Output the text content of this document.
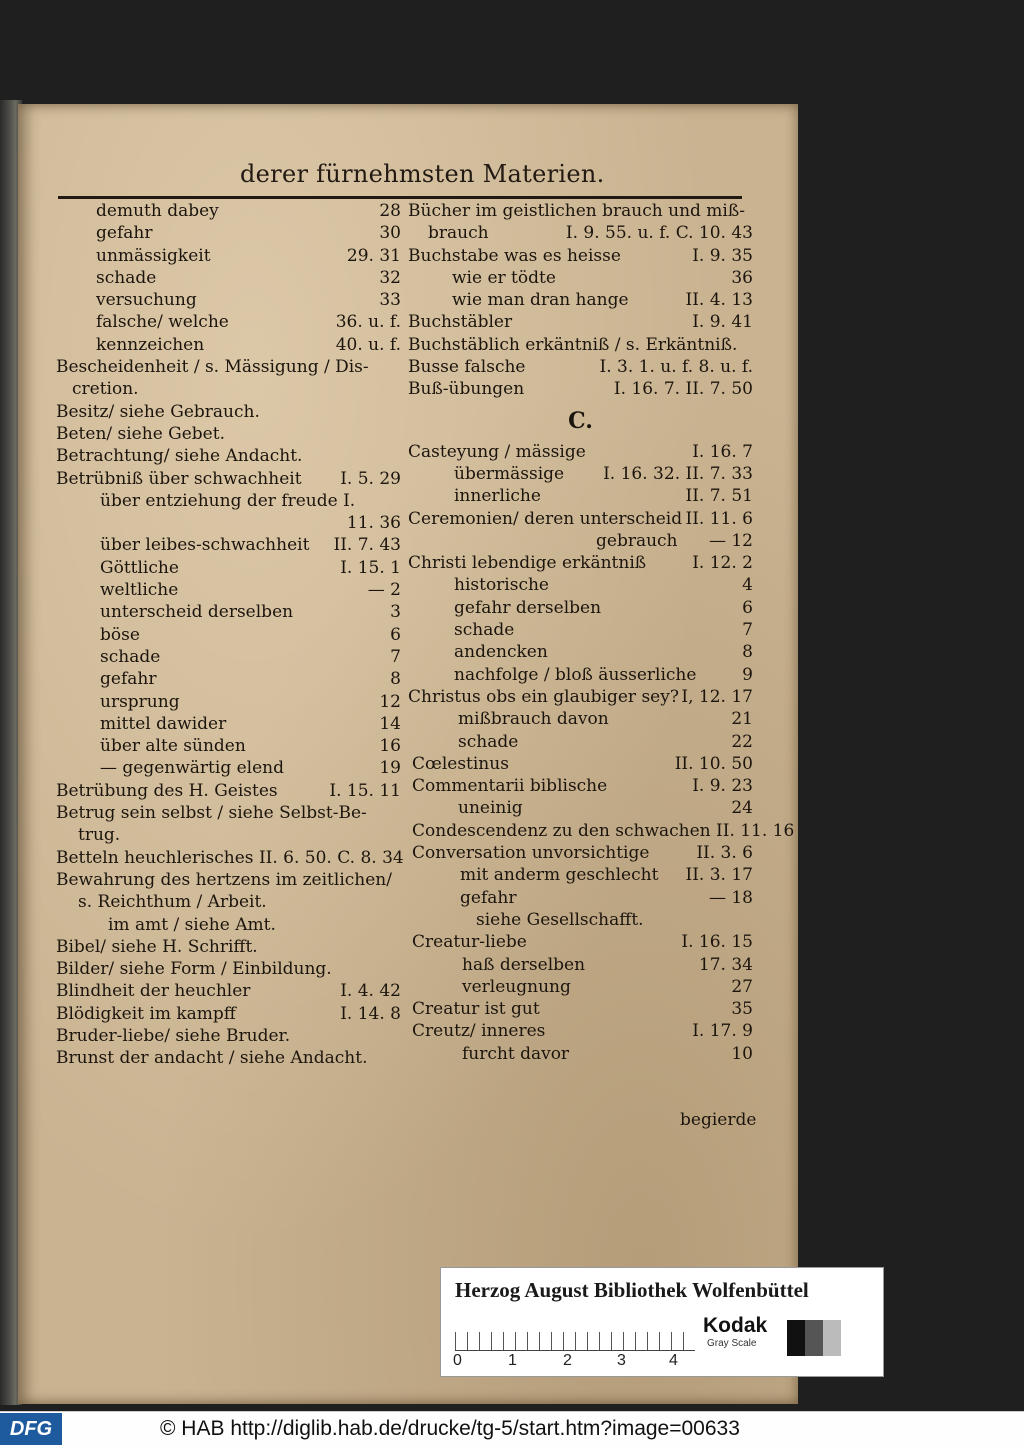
derer fürnehmsten Materien.
demuth dabey	28
gefahr	30
unmässigkeit	29. 31
schade	32
versuchung	33
falsche/ welche	36. u. f.
kennzeichen	40. u. f.
Bescheidenheit / s. Mässigung / Dis-
cretion.
Besitz/ siehe Gebrauch.
Beten/ siehe Gebet.
Betrachtung/ siehe Andacht.
Betrübniß über schwachheit I. 5. 29
über entziehung der freude I.
11. 36
über leibes-schwachheit II. 7. 43
Göttliche	I. 15. 1
weltliche	— 2
unterscheid derselben	3
böse	6
schade	7
gefahr	8
ursprung	12
mittel dawider	14
über alte sünden	16
— gegenwärtig elend	19
Betrübung des H. Geistes	I. 15. 11
Betrug sein selbst / siehe Selbst-Be-
trug.
Betteln heuchlerisches II. 6. 50. C. 8. 34
Bewahrung des hertzens im zeitlichen/
s. Reichthum / Arbeit.
im amt / siehe Amt.
Bibel/ siehe H. Schrifft.
Bilder/ siehe Form / Einbildung.
Blindheit der heuchler	I. 4. 42
Blödigkeit im kampff	I. 14. 8
Bruder-liebe/ siehe Bruder.
Brunst der andacht / siehe Andacht.
Bücher im geistlichen brauch und miß-
brauch	I. 9. 55. u. f. C. 10. 43
Buchstabe was es heisse	I. 9. 35
wie er tödte	36
wie man dran hange	II. 4. 13
Buchstäbler	I. 9. 41
Buchstäblich erkäntniß / s. Erkäntniß.
Busse falsche	I. 3. 1. u. f. 8. u. f.
Buß-übungen	I. 16. 7. II. 7. 50
C.
Casteyung / mässige	I. 16. 7
übermässige I. 16. 32. II. 7. 33
innerliche	II. 7. 51
Ceremonien/ deren unterscheid II. 11. 6
gebrauch — 12
Christi lebendige erkäntniß	I. 12. 2
historische	4
gefahr derselben	6
schade	7
andencken	8
nachfolge / bloß äusserliche	9
Christus obs ein glaubiger sey? I, 12. 17
mißbrauch davon	21
schade	22
Cœlestinus	II. 10. 50
Commentarii biblische	I. 9. 23
uneinig	24
Condescendenz zu den schwachen II. 11. 16
Conversation unvorsichtige	II. 3. 6
mit anderm geschlecht II. 3. 17
gefahr	— 18
siehe Gesellschafft.
Creatur-liebe	I. 16. 15
haß derselben	17. 34
verleugnung	27
Creatur ist gut	35
Creutz/ inneres	I. 17. 9
furcht davor	10
begierde
Herzog August Bibliothek Wolfenbüttel
0	1	2	3	4
Kodak
Gray Scale
DFG	© HAB http://diglib.hab.de/drucke/tg-5/start.htm?image=00633
